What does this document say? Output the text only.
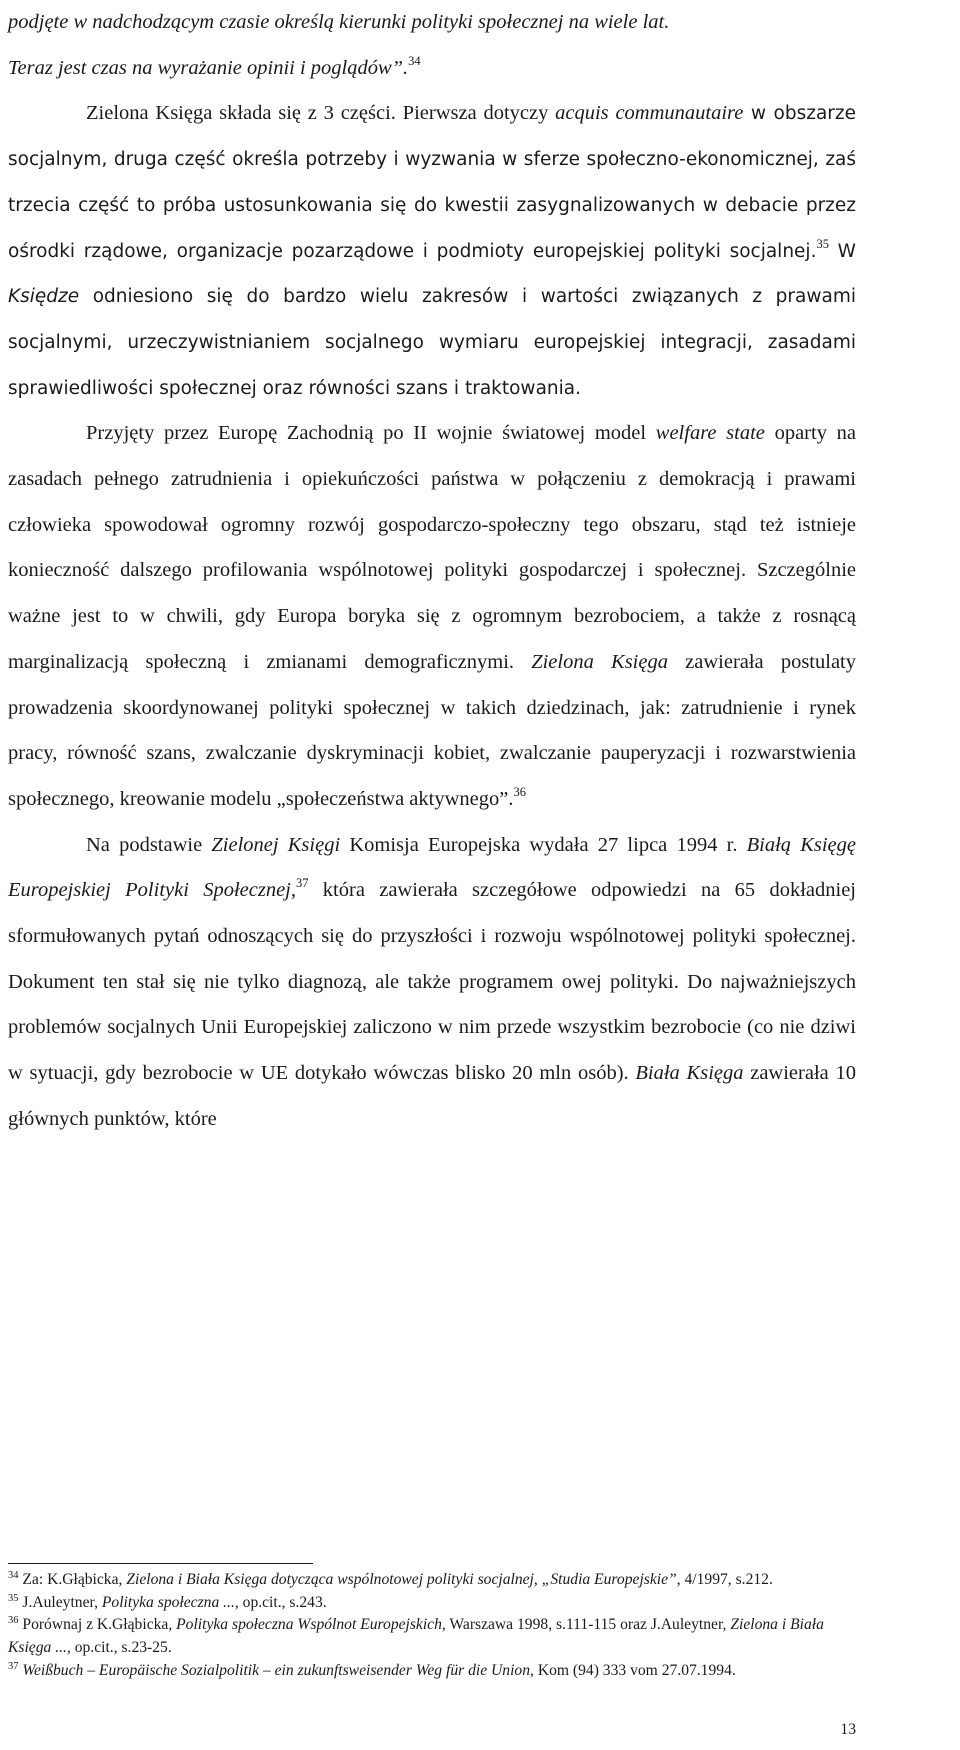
podjęte w nadchodzącym czasie określą kierunki polityki społecznej na wiele lat.
Teraz jest czas na wyrażanie opinii i poglądów”.$^{34}$

Zielona Księga składa się z 3 części. Pierwsza dotyczy acquis communautaire w obszarze socjalnym, druga część określa potrzeby i wyzwania w sferze społeczno-ekonomicznej, zaś trzecia część to próba ustosunkowania się do kwestii zasygnalizowanych w debacie przez ośrodki rządowe, organizacje pozarządowe i podmioty europejskiej polityki socjalnej.$^{35}$ W Księdze odniesiono się do bardzo wielu zakresów i wartości związanych z prawami socjalnymi, urzeczywistnianiem socjalnego wymiaru europejskiej integracji, zasadami sprawiedliwości społecznej oraz równości szans i traktowania.

Przyjęty przez Europę Zachodnią po II wojnie światowej model welfare state oparty na zasadach pełnego zatrudnienia i opiekuńczości państwa w połączeniu z demokracją i prawami człowieka spowodował ogromny rozwój gospodarczo-społeczny tego obszaru, stąd też istnieje konieczność dalszego profilowania wspólnotowej polityki gospodarczej i społecznej. Szczególnie ważne jest to w chwili, gdy Europa boryka się z ogromnym bezrobociem, a także z rosnącą marginalizacją społeczną i zmianami demograficznymi. Zielona Księga zawierała postulaty prowadzenia skoordynowanej polityki społecznej w takich dziedzinach, jak: zatrudnienie i rynek pracy, równość szans, zwalczanie dyskryminacji kobiet, zwalczanie pauperyzacji i rozwarstwienia społecznego, kreowanie modelu „społeczeństwa aktywnego”.$^{36}$

Na podstawie Zielonej Księgi Komisja Europejska wydała 27 lipca 1994 r. Białą Księgę Europejskiej Polityki Społecznej,$^{37}$ która zawierała szczegółowe odpowiedzi na 65 dokładniej sformułowanych pytań odnoszących się do przyszłości i rozwoju wspólnotowej polityki społecznej. Dokument ten stał się nie tylko diagnozą, ale także programem owej polityki. Do najważniejszych problemów socjalnych Unii Europejskiej zaliczono w nim przede wszystkim bezrobocie (co nie dziwi w sytuacji, gdy bezrobocie w UE dotykało wówczas blisko 20 mln osób). Biała Księga zawierała 10 głównych punktów, które

$^{34}$ Za: K.Głąbicka, Zielona i Biała Księga dotycząca wspólnotowej polityki socjalnej, „Studia Europejskie”, 4/1997, s.212.

$^{35}$ J.Auleytner, Polityka społeczna ..., op.cit., s.243.

$^{36}$ Porównaj z K.Głąbicka, Polityka społeczna Wspólnot Europejskich, Warszawa 1998, s.111-115 oraz J.Auleytner, Zielona i Biała Księga ..., op.cit., s.23-25.

$^{37}$ Weißbuch – Europäische Sozialpolitik – ein zukunftsweisender Weg für die Union, Kom (94) 333 vom 27.07.1994.

13
